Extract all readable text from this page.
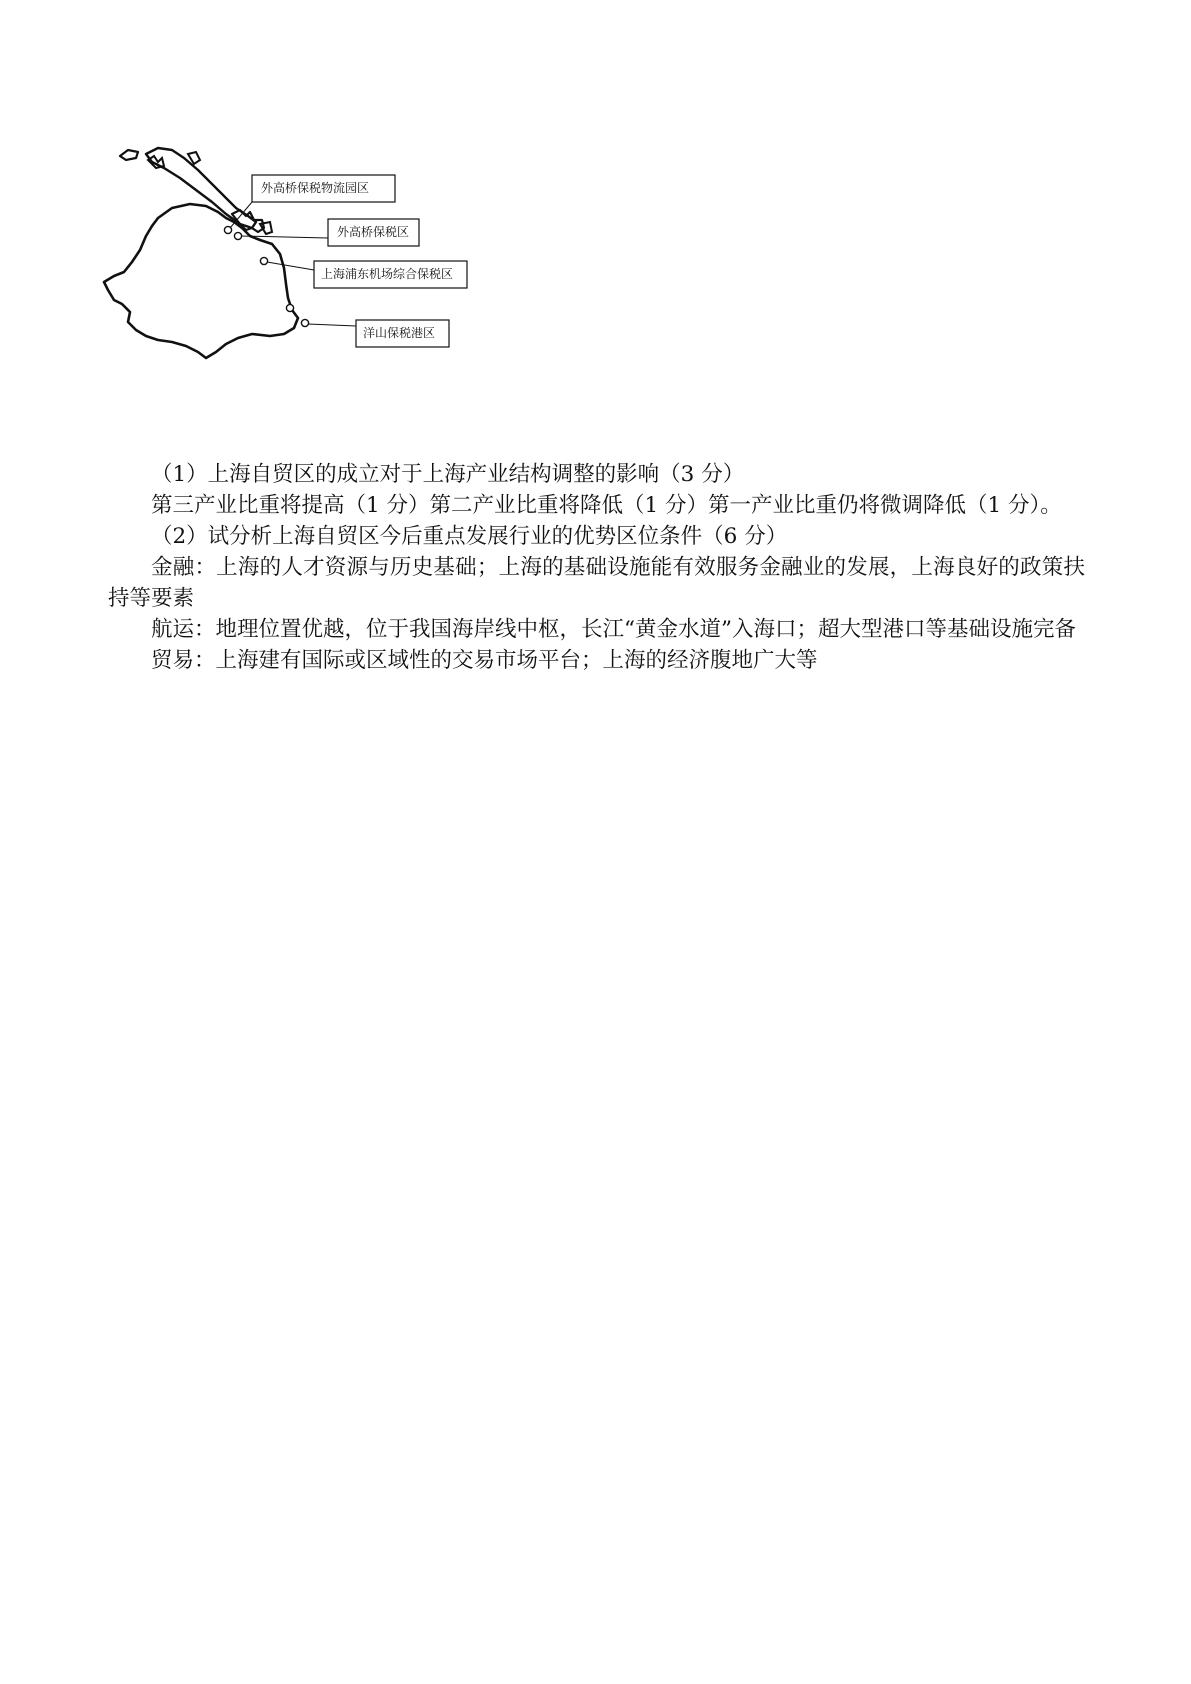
外高桥保税物流园区
外高桥保税区
上海浦东机场综合保税区
洋山保税港区

（1）上海自贸区的成立对于上海产业结构调整的影响（3 分）

第三产业比重将提高（1 分）第二产业比重将降低（1 分）第一产业比重仍将微调降低（1 分）。

（2）试分析上海自贸区今后重点发展行业的优势区位条件（6 分）

金融：上海的人才资源与历史基础；上海的基础设施能有效服务金融业的发展，上海良好的政策扶持等要素

航运：地理位置优越，位于我国海岸线中枢，长江“黄金水道”入海口；超大型港口等基础设施完备

贸易：上海建有国际或区域性的交易市场平台；上海的经济腹地广大等
